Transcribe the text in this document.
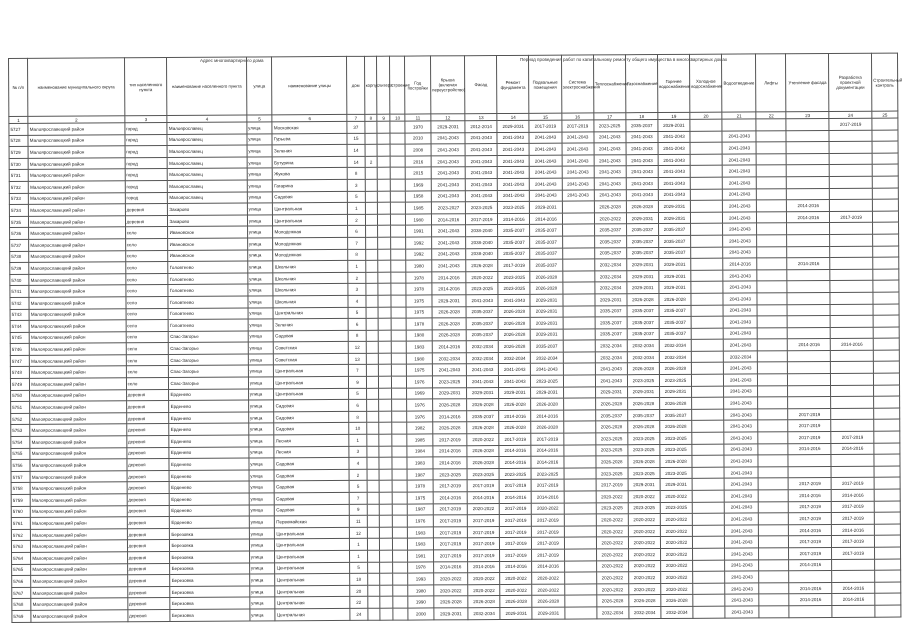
Адрес многоквартирного дома	Период проведения работ по капитальному ремонту общего имущества в многоквартирных домах
№ п/п	наименование муниципального округа	тип населенного пункта	наименование населенного пункта	улица	наименование улицы	дом	корпус	литера	строение	Год постройки	Крыша (включая переустройство)	Фасад	Ремонт фундамента	Подвальные помещения	Система электроснабжения	Теплоснабжение	Газоснабжение	Горячее водоснабжение	Холодное водоснабжение	Водоотведение	Лифты	Утепление фасада	Разработка проектной документации	Строительный контроль
1	2	3	4	5	6	7	8	9	10	11	12	13	14	15	16	17	18	19	20	21	22	23	24	25
5727	Малоярославецкий район	город	Малоярославец	улица	Московская	37				1970	2029-2031	2012-2014	2029-2031	2017-2019	2017-2019	2023-2025	2035-2037	2029-2031					2017-2019	
5728	Малоярославецкий район	город	Малоярославец	улица	Гурьева	15				2010	2041-2043	2041-2043	2041-2043	2041-2043	2041-2043	2041-2043	2041-2043	2041-2043		2041-2043				
5729	Малоярославецкий район	город	Малоярославец	улица	Зеленая	14				2008	2041-2043	2041-2043	2041-2043	2041-2043	2041-2043	2041-2043	2041-2043	2041-2043		2041-2043				
5730	Малоярославецкий район	город	Малоярославец	улица	Бутурина	14	2			2016	2041-2043	2041-2043	2041-2043	2041-2043	2041-2043	2041-2043	2041-2043	2041-2043		2041-2043				
5731	Малоярославецкий район	город	Малоярославец	улица	Жукова	8				2015	2041-2043	2041-2043	2041-2043	2041-2043	2041-2043	2041-2043	2041-2043	2041-2043		2041-2043				
5732	Малоярославецкий район	город	Малоярославец	улица	Гагарина	3				1969	2041-2043	2041-2043	2041-2043	2041-2043	2041-2043	2041-2043	2041-2043	2041-2043		2041-2043				
5733	Малоярославецкий район	город	Малоярославец	улица	Садовая	5				1958	2041-2043	2041-2043	2041-2043	2041-2043	2041-2043	2041-2043	2041-2043	2041-2043		2041-2043				
5734	Малоярославецкий район	деревня	Захарово	улица	Центральная	1				1985	2023-2027	2023-2025	2023-2025	2029-2031		2026-2028	2026-2028	2029-2031		2041-2043		2014-2016		
5735	Малоярославецкий район	деревня	Захарово	улица	Центральная	2				1980	2014-2016	2017-2019	2014-2016	2014-2016		2020-2022	2029-2031	2029-2031		2041-2043		2014-2016	2017-2019	
5736	Малоярославецкий район	село	Ивановское	улица	Молодежная	6				1991	2041-2043	2038-2040	2035-2037	2035-2037		2035-2037	2035-2037	2035-2037		2041-2043				
5737	Малоярославецкий район	село	Ивановское	улица	Молодежная	7				1992	2041-2043	2038-2040	2035-2037	2035-2037		2035-2037	2035-2037	2035-2037		2041-2043				
5738	Малоярославецкий район	село	Ивановское	улица	Молодежная	8				1992	2041-2043	2038-2040	2035-2037	2035-2037		2035-2037	2035-2037	2035-2037		2041-2043				
5739	Малоярославецкий район	село	Головтеево	улица	Школьная	1				1980	2041-2043	2026-2028	2017-2019	2035-2037		2032-2034	2029-2031	2029-2031		2014-2016		2014-2016		
5740	Малоярославецкий район	село	Головтеево	улица	Школьная	2				1978	2014-2016	2020-2022	2023-2025	2026-2028		2032-2034	2029-2031	2029-2031		2041-2043				
5741	Малоярославецкий район	село	Головтеево	улица	Школьная	3				1978	2014-2016	2023-2025	2023-2025	2026-2028		2032-2034	2029-2031	2029-2031		2041-2043				
5742	Малоярославецкий район	село	Головтеево	улица	Школьная	4				1975	2029-2031	2041-2043	2041-2043	2029-2031		2029-2031	2026-2028	2026-2028		2041-2043				
5743	Малоярославецкий район	село	Головтеево	улица	Центральная	5				1975	2026-2028	2035-2037	2026-2028	2029-2031		2035-2037	2035-2037	2035-2037		2041-2043				
5744	Малоярославецкий район	село	Головтеево	улица	Зеленая	6				1978	2026-2028	2035-2037	2026-2028	2029-2031		2035-2037	2035-2037	2035-2037		2041-2043				
5745	Малоярославецкий район	село	Спас-Загорье	улица	Садовая	8				1980	2026-2028	2035-2037	2026-2028	2029-2031		2035-2037	2035-2037	2035-2037		2041-2043				
5746	Малоярославецкий район	село	Спас-Загорье	улица	Советская	12				1983	2014-2016	2032-2034	2026-2028	2035-2037		2032-2034	2032-2034	2032-2034		2041-2043		2014-2016	2014-2016	
5747	Малоярославецкий район	село	Спас-Загорье	улица	Советская	13				1980	2032-2034	2032-2034	2032-2034	2032-2034		2032-2034	2032-2034	2032-2034		2032-2034				
5748	Малоярославецкий район	село	Спас-Загорье	улица	Центральная	7				1975	2041-2043	2041-2043	2041-2043	2041-2043		2041-2043	2026-2028	2026-2028		2041-2043				
5749	Малоярославецкий район	село	Спас-Загорье	улица	Центральная	9				1976	2023-2025	2041-2043	2041-2043	2023-2025		2041-2043	2023-2025	2023-2025		2041-2043				
5750	Малоярославецкий район	деревня	Ерденево	улица	Центральная	5				1969	2029-2031	2029-2031	2029-2031	2029-2031		2029-2031	2029-2031	2029-2031		2041-2043				
5751	Малоярославецкий район	деревня	Ерденево	улица	Садовая	6				1976	2026-2028	2026-2028	2026-2028	2026-2028		2026-2028	2026-2028	2026-2028		2041-2043				
5752	Малоярославецкий район	деревня	Ерденево	улица	Садовая	8				1976	2014-2016	2035-2037	2014-2016	2014-2016		2035-2037	2035-2037	2035-2037		2041-2043		2017-2019		
5753	Малоярославецкий район	деревня	Ерденево	улица	Садовая	10				1982	2026-2028	2026-2028	2026-2028	2026-2028		2026-2028	2026-2028	2026-2028		2041-2043		2017-2019		
5754	Малоярославецкий район	деревня	Ерденево	улица	Лесная	1				1985	2017-2019	2020-2022	2017-2019	2017-2019		2023-2025	2023-2025	2023-2025		2041-2043		2017-2019	2017-2019	
5755	Малоярославецкий район	деревня	Ерденево	улица	Лесная	3				1984	2014-2016	2026-2028	2014-2016	2014-2016		2023-2025	2023-2025	2023-2025		2041-2043		2014-2016	2014-2016	
5756	Малоярославецкий район	деревня	Ерденево	улица	Садовая	4				1983	2014-2016	2026-2028	2014-2016	2014-2016		2026-2028	2026-2028	2026-2028		2041-2043				
5757	Малоярославецкий район	деревня	Ерденево	улица	Садовая	2				1987	2023-2025	2023-2025	2023-2025	2023-2025		2023-2025	2023-2025	2023-2025		2041-2043				
5758	Малоярославецкий район	деревня	Ерденево	улица	Садовая	5				1978	2017-2019	2017-2019	2017-2019	2017-2019		2017-2019	2029-2031	2029-2031		2041-2043		2017-2019	2017-2019	
5759	Малоярославецкий район	деревня	Ерденево	улица	Садовая	7				1975	2014-2016	2014-2016	2014-2016	2014-2016		2020-2022	2020-2022	2020-2022		2041-2043		2014-2016	2014-2016	
5760	Малоярославецкий район	деревня	Ерденево	улица	Садовая	9				1987	2017-2019	2020-2022	2017-2019	2020-2022		2023-2025	2023-2025	2023-2025		2041-2043		2017-2019	2017-2019	
5761	Малоярославецкий район	деревня	Ерденево	улица	Первомайская	11				1976	2017-2019	2017-2019	2017-2019	2017-2019		2020-2022	2020-2022	2020-2022		2041-2043		2017-2019	2017-2019	
5762	Малоярославецкий район	деревня	Березовка	улица	Центральная	12				1983	2017-2019	2017-2019	2017-2019	2017-2019		2020-2022	2020-2022	2020-2022		2041-2043		2014-2016	2014-2016	
5763	Малоярославецкий район	деревня	Березовка	улица	Центральная	1				1983	2017-2019	2017-2019	2017-2019	2017-2019		2020-2022	2020-2022	2020-2022		2041-2043		2017-2019	2017-2019	
5764	Малоярославецкий район	деревня	Березовка	улица	Центральная	1				1981	2017-2019	2017-2019	2017-2019	2017-2019		2020-2022	2020-2022	2020-2022		2041-2043		2017-2019	2017-2019	
5765	Малоярославецкий район	деревня	Березовка	улица	Центральная	5				1978	2014-2016	2014-2016	2014-2016	2014-2016		2020-2022	2020-2022	2020-2022		2041-2043		2014-2016		
5766	Малоярославецкий район	деревня	Березовка	улица	Центральная	18				1993	2020-2022	2020-2022	2020-2022	2020-2022		2020-2022	2020-2022	2020-2022		2041-2043				
5767	Малоярославецкий район	деревня	Березовка	улица	Центральная	20				1980	2020-2022	2020-2022	2020-2022	2020-2022		2020-2022	2020-2022	2020-2022		2041-2043		2014-2016	2014-2016	
5768	Малоярославецкий район	деревня	Березовка	улица	Центральная	22				1990	2026-2028	2026-2028	2026-2028	2026-2028		2026-2028	2026-2028	2026-2028		2041-2043		2014-2016	2014-2016	
5769	Малоярославецкий район	деревня	Березовка	улица	Центральная	24				2000	2029-2031	2032-2034	2029-2031	2029-2031		2032-2034	2032-2034	2032-2034		2041-2043				
